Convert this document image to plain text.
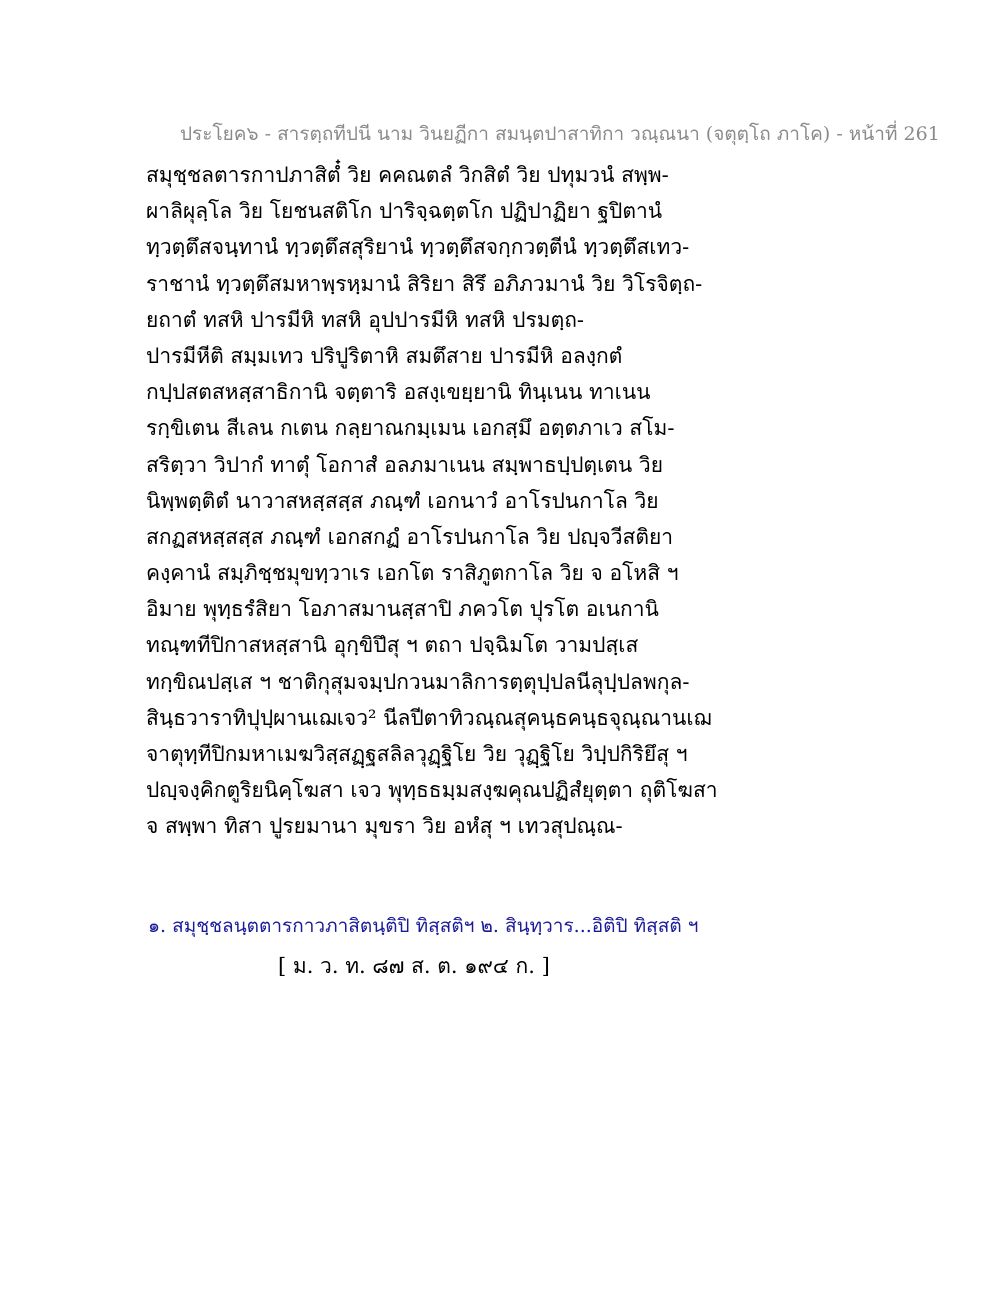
ประโยค๖ - สารตฺถทีปนี นาม วินยฏีกา สมนฺตปาสาทิกา วณฺณนา (จตุตฺโถ ภาโค) - หน้าที่ 261
สมุชฺชลตารกาปภาสิตํ๋ วิย คคณตลํ วิกสิตํ วิย ปทุมวนํ สพฺพ-
ผาลิผุลฺโล วิย โยชนสติโก ปาริจฺฉตฺตโก ปฏิปาฏิยา ฐปิตานํ
ทฺวตฺตึสจนฺทานํ ทฺวตฺตึสสุริยานํ ทฺวตฺตึสจกฺกวตฺตีนํ ทฺวตฺตึสเทว-
ราชานํ ทฺวตฺตึสมหาพฺรหฺมานํ สิริยา สิรึ อภิภวมานํ วิย วิโรจิตฺถ-
ยถาตํ ทสหิ ปารมีหิ ทสหิ อุปปารมีหิ ทสหิ ปรมตฺถ-
ปารมีหีติ สมฺมเทว ปริปูริตาหิ สมตึสาย ปารมีหิ อลงฺกตํ
กปฺปสตสหสฺสาธิกานิ จตฺตาริ อสงฺเขยฺยานิ ทินฺเนน ทาเนน
รกฺขิเตน สีเลน กเตน กลฺยาณกมฺเมน เอกสฺมึ อตฺตภาเว สโม-
สริตฺวา วิปากํ ทาตุํ โอกาสํ อลภมาเนน สมฺพาธปฺปตฺเตน วิย
นิพฺพตฺติตํ นาวาสหสฺสสฺส ภณฺฑํ เอกนาวํ อาโรปนกาโล วิย
สกฏสหสฺสสฺส ภณฺฑํ เอกสกฏํ อาโรปนกาโล วิย ปญฺจวีสติยา
คงฺคานํ สมฺภิชฺชมุขทฺวาเร เอกโต ราสิภูตกาโล วิย จ อโหสิ ฯ
อิมาย พุทฺธรํสิยา โอภาสมานสฺสาปิ ภควโต ปุรโต อเนกานิ
ทณฺฑทีปิกาสหสฺสานิ อุกฺขิปึสุ ฯ ตถา ปจฺฉิมโต วามปสฺเส
ทกฺขิณปสฺเส ฯ ชาติกุสุมจมฺปกวนมาลิการตฺตุปฺปลนีลุปฺปลพกุล-
สินฺธวาราทิปุปฺผานเฌเจว² นีลปีตาทิวณฺณสุคนฺธคนฺธจุณฺณานเฌ
จาตุทฺทีปิกมหาเมฆวิสฺสฏฺฐสลิลวุฏฺฐิโย วิย วุฏฺฐิโย วิปฺปกิริยึสุ ฯ
ปญฺจงฺคิกตูริยนิคฺโฆสา เจว พุทฺธธมฺมสงฺฆคุณปฏิสํยุตฺตา ถุติโฆสา
จ สพฺพา ทิสา ปูรยมานา มุขรา วิย อหํสุ ฯ เทวสุปณฺณ-
๑. สมุชฺชลนฺตตารกาวภาสิตนฺติปิ ทิสฺสติฯ ๒. สินฺทฺวาร...อิติปิ ทิสฺสติ ฯ
[ ม. ว. ท. ๘๗ ส. ต. ๑๙๔ ก. ]
